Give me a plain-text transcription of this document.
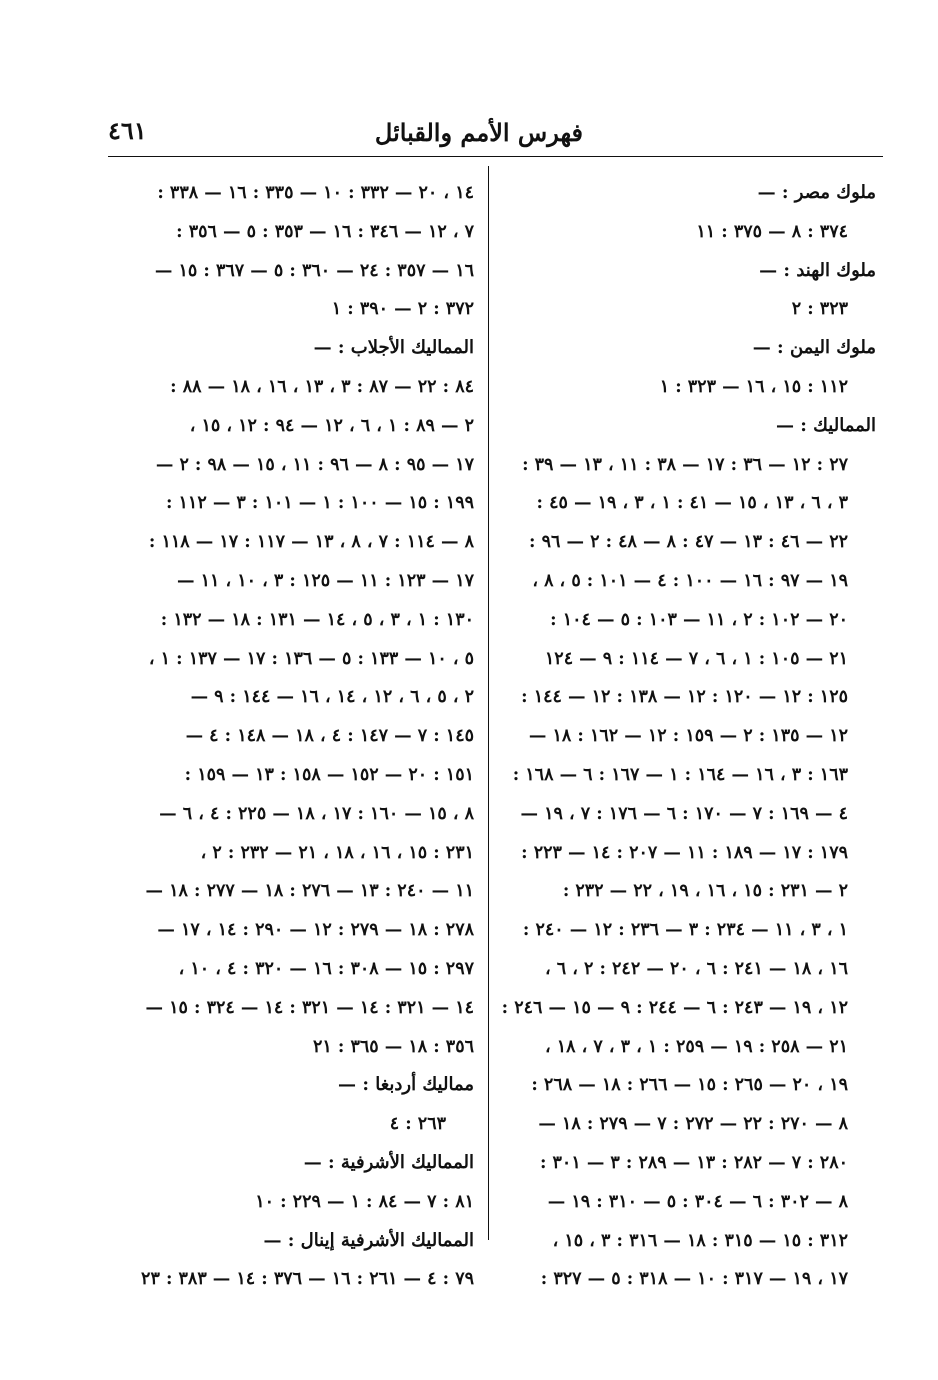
٤٦١	فهرس الأمم والقبائل
ملوك مصر : —
٣٧٤ : ٨ — ٣٧٥ : ١١
ملوك الهند : —
٣٢٣ : ٢
ملوك اليمن : —
١١٢ : ١٥ ، ١٦ — ٣٢٣ : ١
المماليك : —
٢٧ : ١٢ — ٣٦ : ١٧ — ٣٨ : ١١ ، ١٣ — ٣٩ :
٣ ، ٦ ، ١٣ ، ١٥ — ٤١ : ١ ، ٣ ، ١٩ — ٤٥ :
٢٢ — ٤٦ : ١٣ — ٤٧ : ٨ — ٤٨ : ٢ — ٩٦ :
١٩ — ٩٧ : ١٦ — ١٠٠ : ٤ — ١٠١ : ٥ ، ٨ ،
٢٠ — ١٠٢ : ٢ ، ١١ — ١٠٣ : ٥ — ١٠٤ :
٢١ — ١٠٥ : ١ ، ٦ ، ٧ — ١١٤ : ٩ — ١٢٤
١٢٥ : ١٢ — ١٢٠ : ١٢ — ١٣٨ : ١٢ — ١٤٤ :
١٢ — ١٣٥ : ٢ — ١٥٩ : ١٢ — ١٦٢ : ١٨ —
١٦٣ : ٣ ، ١٦ — ١٦٤ : ١ — ١٦٧ : ٦ — ١٦٨ :
٤ — ١٦٩ : ٧ — ١٧٠ : ٦ — ١٧٦ : ٧ ، ١٩ —
١٧٩ : ١٧ — ١٨٩ : ١١ — ٢٠٧ : ١٤ — ٢٢٣ :
٢ — ٢٣١ : ١٥ ، ١٦ ، ١٩ ، ٢٢ — ٢٣٢ :
١ ، ٣ ، ١١ — ٢٣٤ : ٣ — ٢٣٦ : ١٢ — ٢٤٠ :
١٦ ، ١٨ — ٢٤١ : ٦ ، ٢٠ — ٢٤٢ : ٢ ، ٦ ،
١٢ ، ١٩ — ٢٤٣ : ٦ — ٢٤٤ : ٩ — ١٥ — ٢٤٦ :
٢١ — ٢٥٨ : ١٩ — ٢٥٩ : ١ ، ٣ ، ٧ ، ١٨ ،
١٩ ، ٢٠ — ٢٦٥ : ١٥ — ٢٦٦ : ١٨ — ٢٦٨ :
٨ — ٢٧٠ : ٢٢ — ٢٧٢ : ٧ — ٢٧٩ : ١٨ —
٢٨٠ : ٧ — ٢٨٢ : ١٣ — ٢٨٩ : ٣ — ٣٠١ :
٨ — ٣٠٢ : ٦ — ٣٠٤ : ٥ — ٣١٠ : ١٩ —
٣١٢ : ١٥ — ٣١٥ : ١٨ — ٣١٦ : ٣ ، ١٥ ،
١٧ ، ١٩ — ٣١٧ : ١٠ — ٣١٨ : ٥ — ٣٢٧ :
١٤ ، ٢٠ — ٣٣٢ : ١٠ — ٣٣٥ : ١٦ — ٣٣٨ :
٧ ، ١٢ — ٣٤٦ : ١٦ — ٣٥٣ : ٥ — ٣٥٦ :
١٦ — ٣٥٧ : ٢٤ — ٣٦٠ : ٥ — ٣٦٧ : ١٥ —
٣٧٢ : ٢ — ٣٩٠ : ١
المماليك الأجلاب : —
٨٤ : ٢٢ — ٨٧ : ٣ ، ١٣ ، ١٦ ، ١٨ — ٨٨ :
٢ — ٨٩ : ١ ، ٦ ، ١٢ — ٩٤ : ١٢ ، ١٥ ،
١٧ — ٩٥ : ٨ — ٩٦ : ١١ ، ١٥ — ٩٨ : ٢ —
١٩٩ : ١٥ — ١٠٠ : ١ — ١٠١ : ٣ — ١١٢ :
٨ — ١١٤ : ٧ ، ٨ ، ١٣ — ١١٧ : ١٧ — ١١٨ :
١٧ — ١٢٣ : ١١ — ١٢٥ : ٣ ، ١٠ ، ١١ —
١٣٠ : ١ ، ٣ ، ٥ ، ١٤ — ١٣١ : ١٨ — ١٣٢ :
٥ ، ١٠ — ١٣٣ : ٥ — ١٣٦ : ١٧ — ١٣٧ : ١ ،
٢ ، ٥ ، ٦ ، ١٢ ، ١٤ ، ١٦ — ١٤٤ : ٩ —
١٤٥ : ٧ — ١٤٧ : ٤ ، ١٨ — ١٤٨ : ٤ —
١٥١ : ٢٠ — ١٥٢ — ١٥٨ : ١٣ — ١٥٩ :
٨ ، ١٥ — ١٦٠ : ١٧ ، ١٨ — ٢٢٥ : ٤ ، ٦ —
٢٣١ : ١٥ ، ١٦ ، ١٨ ، ٢١ — ٢٣٢ : ٢ ،
١١ — ٢٤٠ : ١٣ — ٢٧٦ : ١٨ — ٢٧٧ : ١٨ —
٢٧٨ : ١٨ — ٢٧٩ : ١٢ — ٢٩٠ : ١٤ ، ١٧ —
٢٩٧ : ١٥ — ٣٠٨ : ١٦ — ٣٢٠ : ٤ ، ١٠ ،
١٤ — ٣٢١ : ١٤ — ٣٢١ : ١٤ — ٣٢٤ : ١٥ —
٣٥٦ : ١٨ — ٣٦٥ : ٢١
مماليك أردبغا : —
٢٦٣ : ٤
المماليك الأشرفية : —
٨١ : ٧ — ٨٤ : ١ — ٢٢٩ : ١٠
المماليك الأشرفية إينال : —
٧٩ : ٤ — ٢٦١ : ١٦ — ٣٧٦ : ١٤ — ٣٨٣ : ٢٣
